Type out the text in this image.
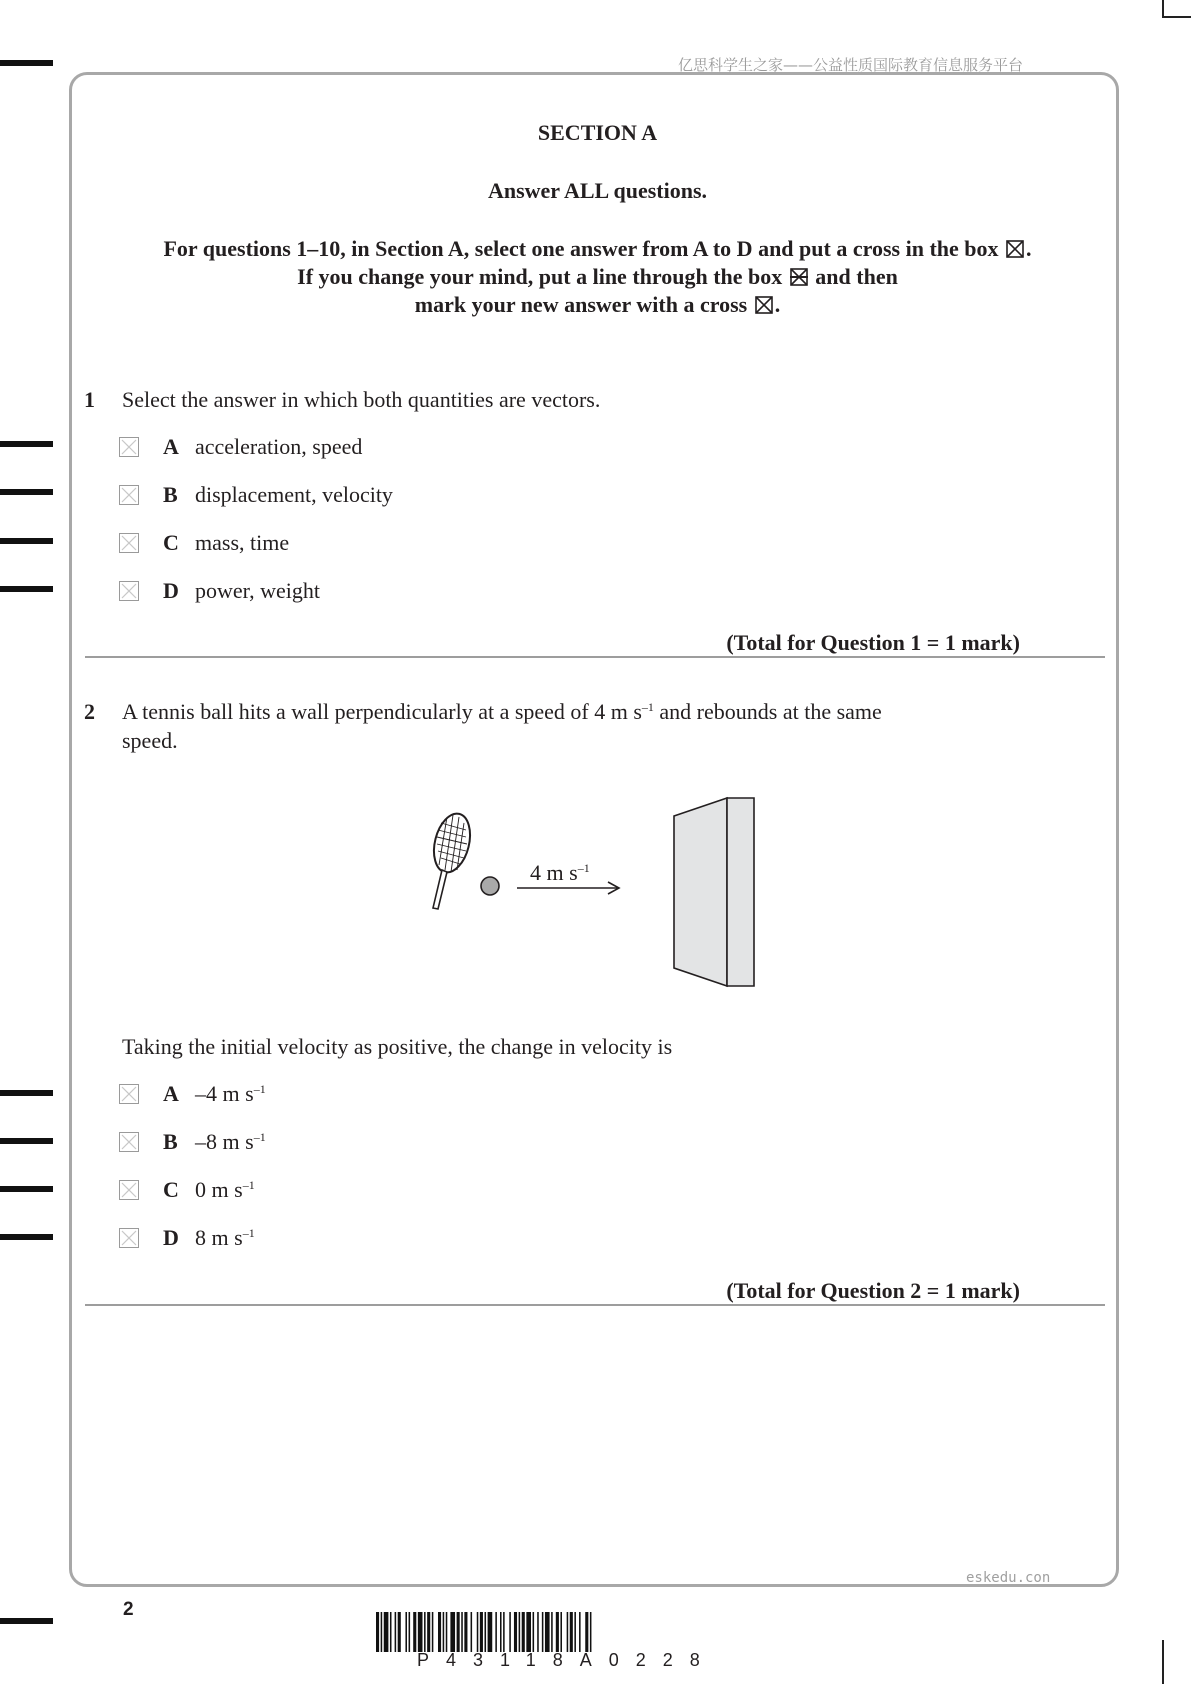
亿思科学生之家——公益性质国际教育信息服务平台
SECTION A
Answer ALL questions.
For questions 1–10, in Section A, select one answer from A to D and put a cross in the box ☒ .
If you change your mind, put a line through the box and then
mark your new answer with a cross ☒ .
1 Select the answer in which both quantities are vectors.
A acceleration, speed
B displacement, velocity
C mass, time
D power, weight
(Total for Question 1 = 1 mark)
2 A tennis ball hits a wall perpendicularly at a speed of 4 m $s^{-1}$ and rebounds at the same
speed.
4 m $s^{-1}$
Taking the initial velocity as positive, the change in velocity is
A –4 m $s^{-1}$
B –8 m $s^{-1}$
C 0 m $s^{-1}$
D 8 m $s^{-1}$
(Total for Question 2 = 1 mark)
eskedu.con
2
P43118A0228
